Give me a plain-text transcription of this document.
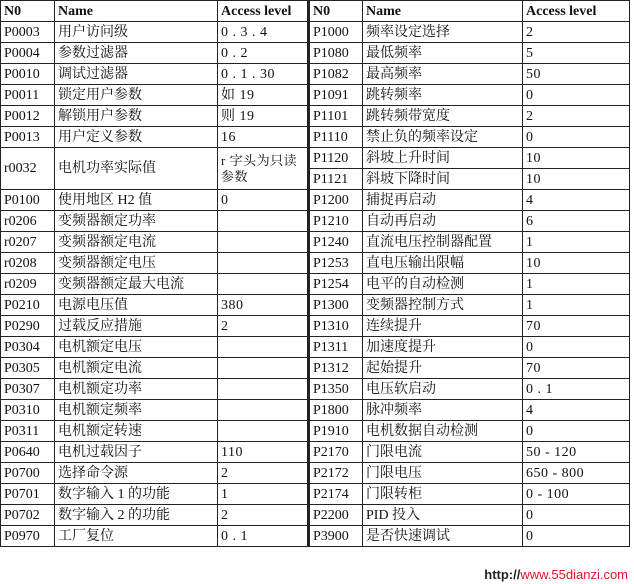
N0	Name	Access level	N0	Name	Access level
P0003	用户访问级	0 . 3 . 4	P1000	频率设定选择	2
P0004	参数过滤器	0 . 2	P1080	最低频率	5
P0010	调试过滤器	0 . 1 . 30	P1082	最高频率	50
P0011	锁定用户参数	如 19	P1091	跳转频率	0
P0012	解锁用户参数	则 19	P1101	跳转频带宽度	2
P0013	用户定义参数	16	P1110	禁止负的频率设定	0
r0032	电机功率实际值	r 字头为只读参数	P1120	斜坡上升时间	10
			P1121	斜坡下降时间	10
P0100	使用地区 H2 值	0	P1200	捕捉再启动	4
r0206	变频器额定功率		P1210	自动再启动	6
r0207	变频器额定电流		P1240	直流电压控制器配置	1
r0208	变频器额定电压		P1253	直电压输出限幅	10
r0209	变频器额定最大电流		P1254	电平的自动检测	1
P0210	电源电压值	380	P1300	变频器控制方式	1
P0290	过载反应措施	2	P1310	连续提升	70
P0304	电机额定电压		P1311	加速度提升	0
P0305	电机额定电流		P1312	起始提升	70
P0307	电机额定功率		P1350	电压软启动	0 . 1
P0310	电机额定频率		P1800	脉冲频率	4
P0311	电机额定转速		P1910	电机数据自动检测	0
P0640	电机过载因子	110	P2170	门限电流	50 - 120
P0700	选择命令源	2	P2172	门限电压	650 - 800
P0701	数字输入 1 的功能	1	P2174	门限转柜	0 - 100
P0702	数字输入 2 的功能	2	P2200	PID 投入	0
P0970	工厂复位	0 . 1	P3900	是否快速调试	0
http://www.55dianzi.com
